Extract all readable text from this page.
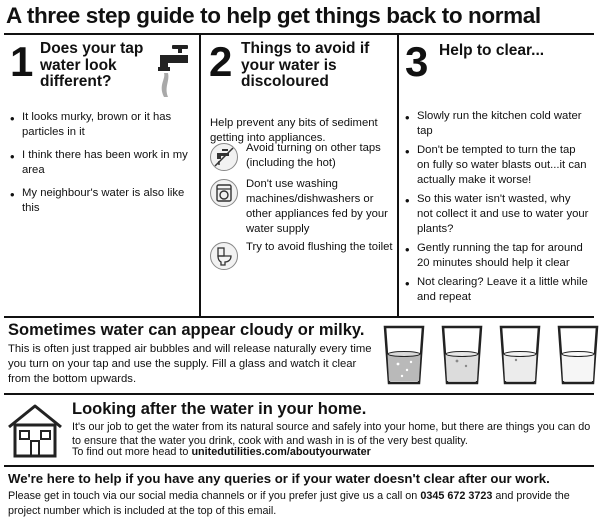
A three step guide to help get things back to normal
1 Does your tap
water look
different?
• It looks murky, brown or it has particles in it
• I think there has been work in my area
• My neighbour's water is also like this
2 Things to avoid if
your water is
discoloured
Help prevent any bits of sediment getting into appliances.
Avoid turning on other taps (including the hot)
Don't use washing machines/dishwashers or other appliances fed by your water supply
Try to avoid flushing the toilet
3 Help to clear...
• Slowly run the kitchen cold water tap
• Don't be tempted to turn the tap on fully so water blasts out...it can actually make it worse!
• So this water isn't wasted, why not collect it and use to water your plants?
• Gently running the tap for around 20 minutes should help it clear
• Not clearing? Leave it a little while and repeat
Sometimes water can appear cloudy or milky.

This is often just trapped air bubbles and will release naturally every time you turn on your tap and use the supply. Fill a glass and watch it clear from the bottom upwards.

Looking after the water in your home.

It's our job to get the water from its natural source and safely into your home, but there are things you can do to ensure that the water you drink, cook with and wash in is of the very best quality.

To find out more head to unitedutilities.com/aboutyourwater
We're here to help if you have any queries or if your water doesn't clear after our work.

Please get in touch via our social media channels or if you prefer just give us a call on 0345 672 3723 and provide the project number which is included at the top of this email.
